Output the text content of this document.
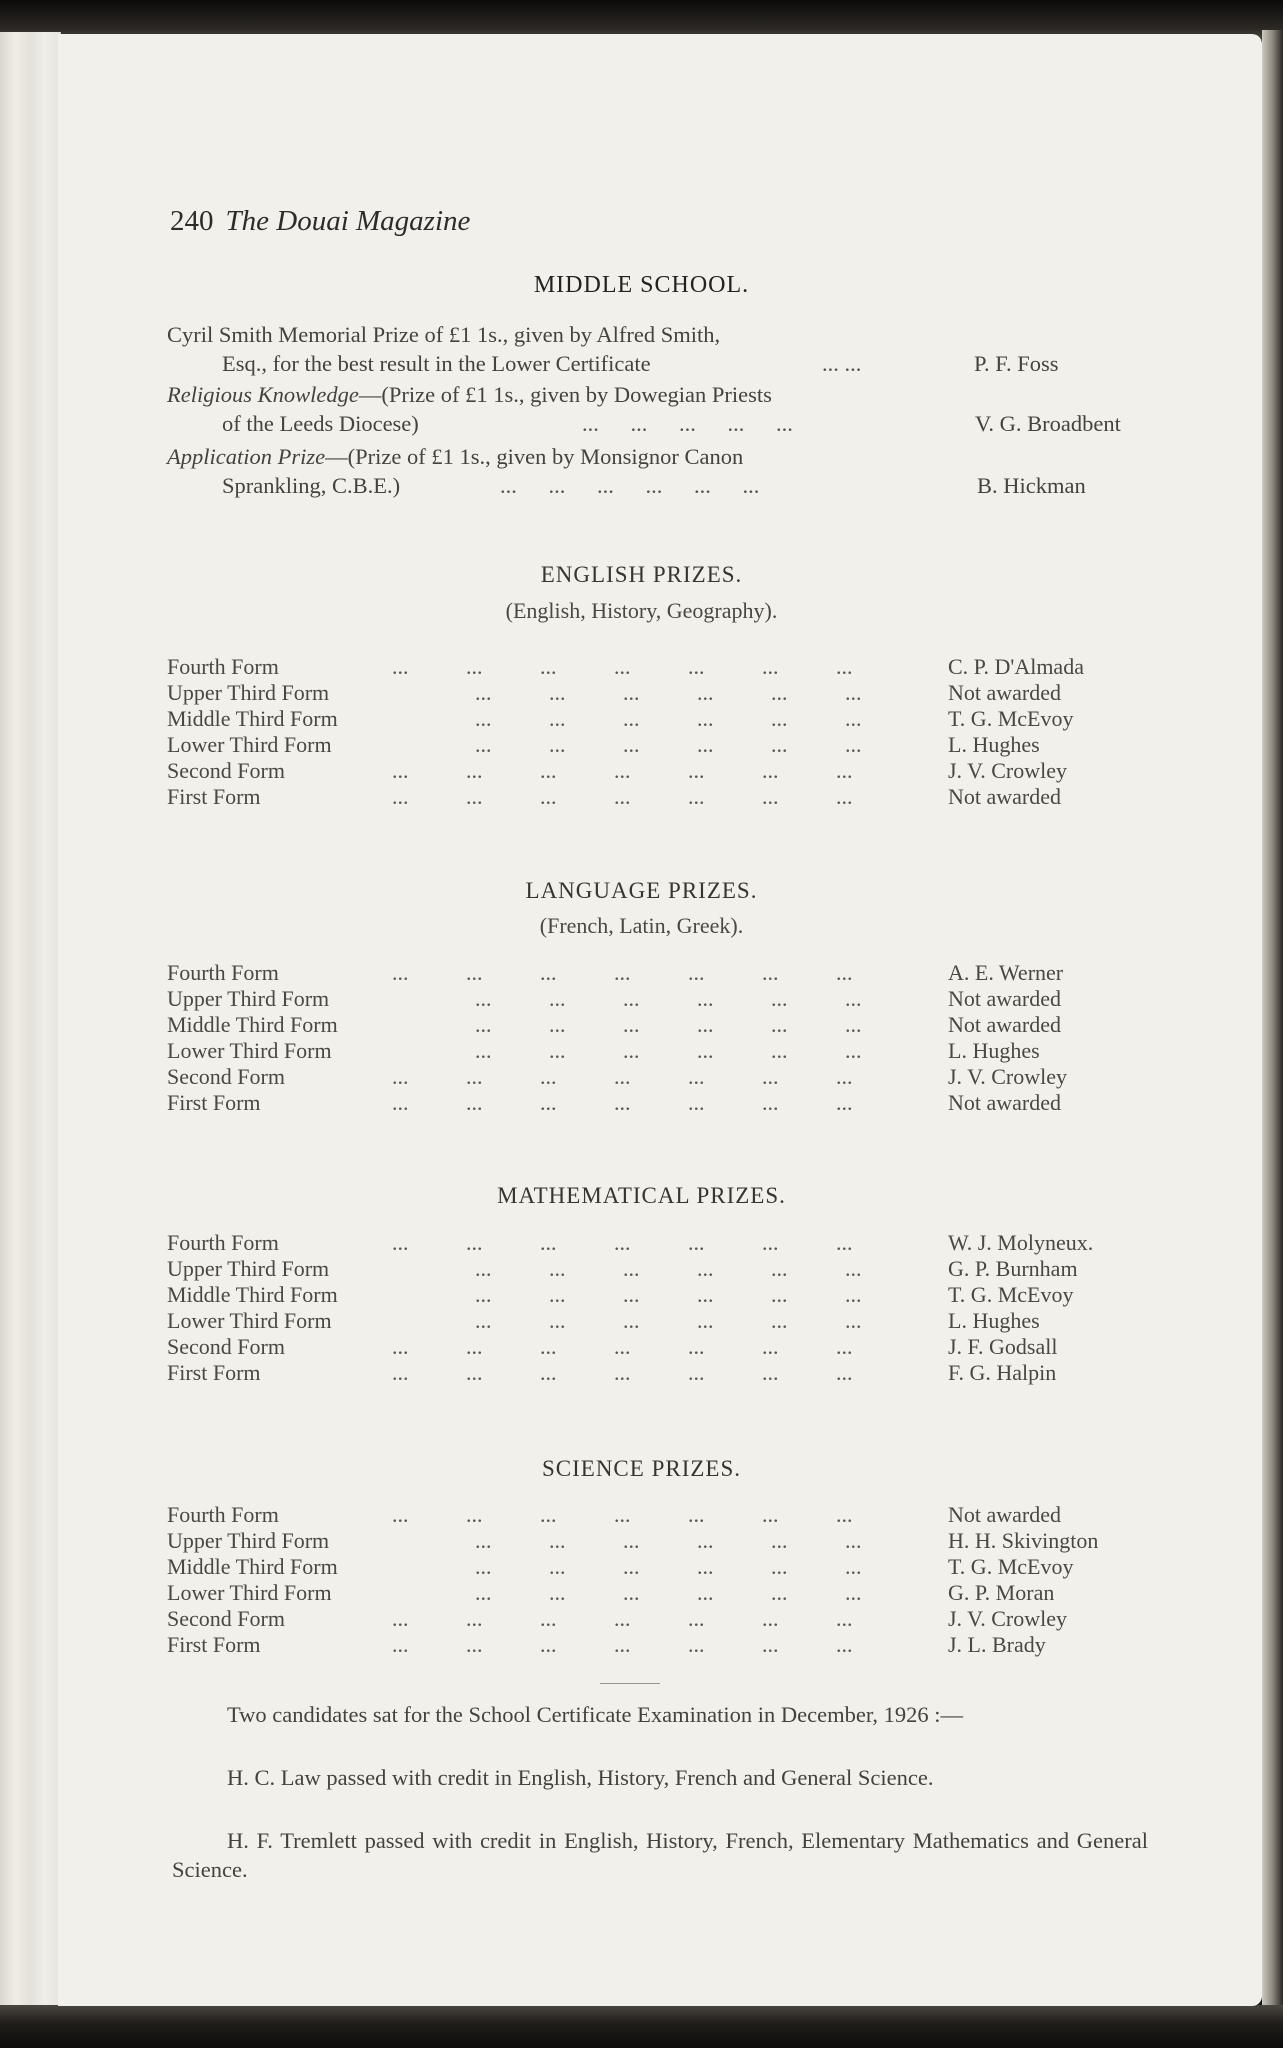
240 The Douai Magazine
MIDDLE SCHOOL.
Cyril Smith Memorial Prize of £1 1s., given by Alfred Smith,
Esq., for the best result in the Lower Certificate	... ...	P. F. Foss
Religious Knowledge—(Prize of £1 1s., given by Dowegian Priests
of the Leeds Diocese)	... ... ... ... ...	V. G. Broadbent
Application Prize—(Prize of £1 1s., given by Monsignor Canon
Sprankling, C.B.E.)	... ... ... ... ... ...	B. Hickman
ENGLISH PRIZES.
(English, History, Geography).
Fourth Form	... ... ... ... ... ... ...	C. P. D'Almada
Upper Third Form	... ... ... ... ... ...	Not awarded
Middle Third Form	... ... ... ... ... ...	T. G. McEvoy
Lower Third Form	... ... ... ... ... ...	L. Hughes
Second Form	... ... ... ... ... ... ...	J. V. Crowley
First Form	... ... ... ... ... ... ...	Not awarded
LANGUAGE PRIZES.
(French, Latin, Greek).
Fourth Form	... ... ... ... ... ... ...	A. E. Werner
Upper Third Form	... ... ... ... ... ...	Not awarded
Middle Third Form	... ... ... ... ... ...	Not awarded
Lower Third Form	... ... ... ... ... ...	L. Hughes
Second Form	... ... ... ... ... ... ...	J. V. Crowley
First Form	... ... ... ... ... ... ...	Not awarded
MATHEMATICAL PRIZES.
Fourth Form	... ... ... ... ... ... ...	W. J. Molyneux.
Upper Third Form	... ... ... ... ... ...	G. P. Burnham
Middle Third Form	... ... ... ... ... ...	T. G. McEvoy
Lower Third Form	... ... ... ... ... ...	L. Hughes
Second Form	... ... ... ... ... ... ...	J. F. Godsall
First Form	... ... ... ... ... ... ...	F. G. Halpin
SCIENCE PRIZES.
Fourth Form	... ... ... ... ... ... ...	Not awarded
Upper Third Form	... ... ... ... ... ...	H. H. Skivington
Middle Third Form	... ... ... ... ... ...	T. G. McEvoy
Lower Third Form	... ... ... ... ... ...	G. P. Moran
Second Form	... ... ... ... ... ... ...	J. V. Crowley
First Form	... ... ... ... ... ... ...	J. L. Brady
Two candidates sat for the School Certificate Examination in December, 1926 :—
H. C. Law passed with credit in English, History, French and General Science.
H. F. Tremlett passed with credit in English, History, French, Elementary Mathematics and General Science.
